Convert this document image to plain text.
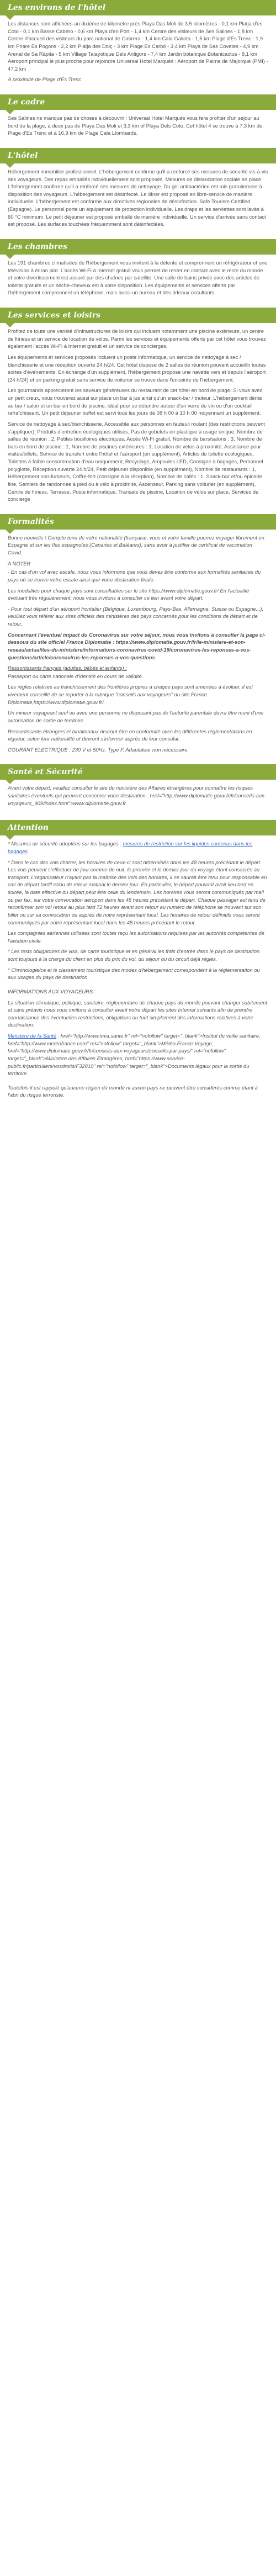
Les environs de l'hôtel

Les distances sont affichées au dixième de kilomètre près Playa Das Moli de 3.5 kilomètres - 0,1 km Platja d'es Coto - 0,1 km Basse Cabéro - 0,6 km Playa d'en Port - 1,4 km Centre des visiteurs de Ses Salines - 1,8 km Centre d'accueil des visiteurs du parc national de Cabrera - 1,4 km Cala Galiota - 1,5 km Plage d'Es Trenc - 1,9 km Phare Es Pogons - 2,2 km Platja des Dolç - 3 km Plage Es Carbó - 3,4 km Playa de Sas Covetes - 4,9 km Arenal de Sa Ràpita - 5 km Village Talayotique Dels Antigors - 7,4 km Jardin botanique Botanicactus - 8,1 km Aéroport principal le plus proche pour rejoindre Universal Hotel Marqués : Aéroport de Palma de Majorque (PMI) - 47,2 km

À proximité de Plage d'Es Trenc

Le cadre

Ses Salines ne manque pas de choses à découvrir : Universal Hotel Marqués vous fera profiter d'un séjour au bord de la plage, à deux pas de Playa Das Moli et 3,3 km of Playa Dels Coto. Cet hôtel 4 se trouve à 7,3 km de Plage d'Es Trenc et à 16,9 km de Plage Cala Llombards.

L'hôtel

Hébergement immobilier professionnel. L'hébergement confirme qu'il a renforcé ses mesures de sécurité vis-à-vis des voyageurs. Des repas emballés individuellement sont proposés. Mesures de distanciation sociale en place. L'hébergement confirme qu'il a renforcé ses mesures de nettoyage. Du gel antibactérien est mis gratuitement à disposition des voyageurs. L'hébergement est désinfecté. Le dîner est proposé en libre-service de manière individuelle. L'hébergement est conforme aux directives régionales de désinfection. Safe Tourism Certified (Espagne). Le personnel porte un équipement de protection individuelle. Les draps et les serviettes sont lavés à 60 °C minimum. Le petit déjeuner est proposé emballé de manière individuelle. Un service d'arrivée sans contact est proposé. Les surfaces touchées fréquemment sont désinfectées.

Les chambres

Les 191 chambres climatisées de l'hébergement vous invitent à la détente et comprennent un réfrigérateur et une télévision à écran plat. L'accès Wi-Fi à Internet gratuit vous permet de rester en contact avec le reste du monde et votre divertissement est assuré par des chaînes par satellite. Une salle de bains privée avec des articles de toilette gratuits et un sèche-cheveux est à votre disposition. Les équipements et services offerts par l'hébergement comprennent un téléphone, mais aussi un bureau et des rideaux occultants.

Les services et loisirs

Profitez de toute une variété d'infrastructures de loisirs qui incluent notamment une piscine extérieure, un centre de fitness et un service de location de vélos. Parmi les services et équipements offerts par cet hôtel vous trouvez également l'accès Wi-Fi à Internet gratuit et un service de concierges.

Les équipements et services proposés incluent un poste informatique, un service de nettoyage à sec / blanchisserie et une réception ouverte 24 h/24. Cet hôtel dispose de 2 salles de réunion pouvant accueillir toutes sortes d'événements. En échange d'un supplément, l'hébergement propose une navette vers et depuis l'aéroport (24 h/24) et un parking gratuit sans service de voiturier se trouve dans l'enceinte de l'hébergement.

Les gourmands apprécieront les saveurs généreuses du restaurant de cet hôtel en bord de plage. Si vous avez un petit creux, vous trouverez aussi sur place un bar à jus ainsi qu'un snack-bar / traiteur. L'hébergement dérite au bar / salon et un bar en bord de piscine, idéal pour se détendre autour d'un verre de vin ou d'un cocktail rafraîchissant. Un petit déjeuner buffet est servi tous les jours de 08 h 00 à 10 h 00 moyennant un supplément.

Service de nettoyage à sec/blanchisserie, Accessible aux personnes en fauteuil roulant (des restrictions peuvent s'appliquer), Produits d'entretien écologiques utilisés, Pas de gobelets en plastique à usage unique, Nombre de salles de réunion : 2, Petites bouilloires électriques, Accès Wi-Fi gratuit, Nombre de bars/salons : 3, Nombre de bars en bord de piscine : 1, Nombre de piscines extérieures : 1, Location de vélos à proximité, Assistance pour visites/billets, Service de transfert entre l'hôtel et l'aéroport (en supplément), Articles de toilette écologiques, Toilettes à faible consommation d'eau uniquement, Recyclage, Ampoules LED, Consigne à bagages, Personnel polyglotte, Réception ouverte 24 h/24, Petit déjeuner disponible (en supplément), Nombre de restaurants : 1, Hébergement non-fumeurs, Coffre-fort (consigne à la réception), Nombre de cafés : 1, Snack-bar et/ou épicerie fine, Sentiers de randonnée à pied ou à vélo à proximité, Ascenseur, Parking sans voiturier (en supplément), Centre de fitness, Terrasse, Poste informatique, Transats de piscine, Location de vélos sur place, Services de concierge

Formalités

Bonne nouvelle ! Compte tenu de votre nationalité (française, vous et votre famille pourrez voyager librement en Espagne et sur les îles espagnoles (Canaries et Baléares), sans avoir à justifier de certificat de vaccination Covid.

A NOTER

- En cas d'un vol avec escale, nous vous informons que vous devez être conforme aux formalités sanitaires du pays où se trouve votre escale ainsi que votre destination finale.

Les modalités pour chaque pays sont consultables sur le site https://www.diplomatie.gouv.fr/ En l'actualité évoluant très régulièrement, nous vous invitons à consulter ce lien avant votre départ.

- Pour tout départ d'un aéroport frontalier (Belgique, Luxembourg, Pays-Bas, Allemagne, Suisse ou Espagne...), veuillez vous référer aux sites officiels des ministères des pays concernés pour les conditions de départ et de retour.

Concernant l'éventuel impact du Coronavirus sur votre séjour, nous vous invitons à consulter la page ci-dessous du site officiel France Diplomatie : https://www.diplomatie.gouv.fr/fr/le-ministere-et-son-reseau/actualites-du-ministere/informations-coronavirus-covid-19/coronavirus-les-reponses-a-vos-questions/article/coronavirus-les-reponses-a-vos-questions

Ressortissants français (adultes, bébés et enfants) :

Passeport ou carte nationale d'identité en cours de validité.

Les règles relatives au franchissement des frontières propres à chaque pays sont amenées à évoluer, il est vivement conseillé de se reporter à la rubrique "conseils aux voyageurs" du site France Diplomatie,https://www.diplomatie.gouv.fr/.

Un mineur voyageant seul ou avec une personne ne disposant pas de l'autorité parentale devra être muni d'une autorisation de sortie de territoire.

Ressortissants étrangers et binationaux devront être en conformité avec les différentes réglementations en vigueur, selon leur nationalité et devront s'informer auprès de leur consulat.

COURANT ELECTRIQUE : 230 V et 50Hz. Type F. Adaptateur non nécessaire.

Santé et Sécurité

Avant votre départ, veuillez consulter le site du ministère des Affaires étrangères pour connaître les risques sanitaires éventuels qui peuvent concerner votre destination : href="http://www.diplomatie.gouv.fr/fr/conseils-aux-voyageurs_909/index.html">www.diplomatie.gouv.fr

Attention

* Mesures de sécurité adoptées sur les bagages : mesures de restriction sur les liquides contenus dans les bagages

* Dans le cas des vols charter, les horaires de ceux-ci sont déterminés dans les 48 heures précédant le départ. Les vols peuvent s'effectuer de jour comme de nuit, le premier et le dernier jour du voyage étant consacrés au transport. L'organisateur n'ayant pas la maîtrise des vols des horaires, il ne saurait être tenu pour responsable en cas de départ tardif et/ou de retour matinal le dernier jour. En particulier, le départ pouvant avoir lieu tard en soirée, la date effective du départ peut être celle du lendemain. Les horaires vous seront communiqués par mail ou par fax, sur votre convocation aéroport dans les 48 heures précédant le départ. Chaque passager est tenu de reconfirmer son vol retour au plus tard 72 heures avant son retour au numéro de téléphone se trouvant sur son billet ou sur sa convocation ou auprès de notre représentant local. Les horaires de retour définitifs vous seront communiqués par notre représentant local dans les 48 heures précédant le retour.

Les compagnies aériennes utilisées sont toutes reçu les autorisations requises par les autorités compétentes de l'aviation civile.

* Les tests obligatoires de visa, de carte touristique et en général les frais d'entrée dans le pays de destination sont toujours à la charge du client en plus du prix du vol, du séjour ou du circuit déjà réglés.

* Chronologie/ce et le classement touristique des modes d'hébergement correspondent à la réglementation ou aux usages du pays de destination.

INFORMATIONS AUX VOYAGEURS :

La situation climatique, politique, sanitaire, réglementaire de chaque pays du monde pouvant changer subitement et sans préavis nous vous invitons à consulter avant votre départ les sites Internet suivants afin de prendre connaissance des éventuelles restrictions, obligations ou tout simplement des informations relatives à votre destination.

Ministère de la Santé : href="http://www.inva.sante.fr" rel="nofollow" target="_blank">Institut de veille sanitaire, href="http://www.meteofrance.com" rel="nofollow" target="_blank">Météo France Voyage, href="http://www.diplomatie.gouv.fr/fr/conseils-aux-voyageurs/conseils-par-pays/" rel="nofollow" target="_blank">Ministère des Affaires Étrangères, href="https://www.service-public.fr/particuliers/vosdroits/F32810" rel="nofollow" target="_blank">Documents légaux pour la sortie du territoire.

Toutefois il est rappelé qu'aucune région du monde ni aucun pays ne peuvent être considérés comme étant à l'abri du risque terroriste.
